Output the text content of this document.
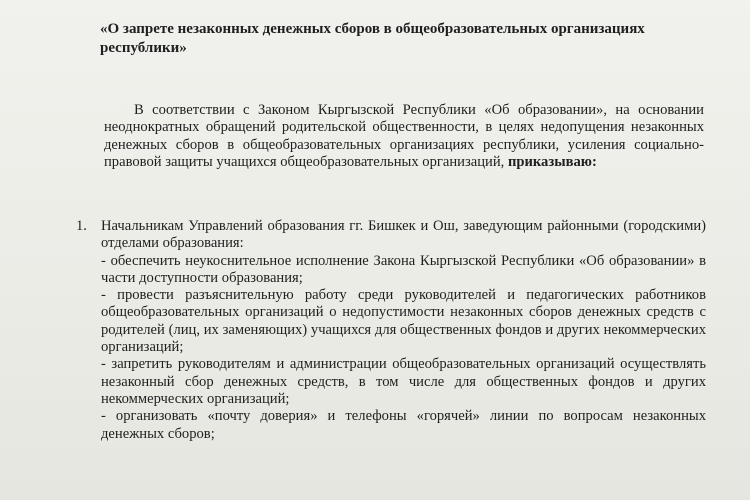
«О запрете незаконных денежных сборов в общеобразовательных организациях республики»

В соответствии с Законом Кыргызской Республики «Об образовании», на основании неоднократных обращений родительской общественности, в целях недопущения незаконных денежных сборов в общеобразовательных организациях республики, усиления социально-правовой защиты учащихся общеобразовательных организаций, приказываю:

1. Начальникам Управлений образования гг. Бишкек и Ош, заведующим районными (городскими) отделами образования:

- обеспечить неукоснительное исполнение Закона Кыргызской Республики «Об образовании» в части доступности образования;

- провести разъяснительную работу среди руководителей и педагогических работников общеобразовательных организаций о недопустимости незаконных сборов денежных средств с родителей (лиц, их заменяющих) учащихся для общественных фондов и других некоммерческих организаций;

- запретить руководителям и администрации общеобразовательных организаций осуществлять незаконный сбор денежных средств, в том числе для общественных фондов и других некоммерческих организаций;

- организовать «почту доверия» и телефоны «горячей» линии по вопросам незаконных денежных сборов;
